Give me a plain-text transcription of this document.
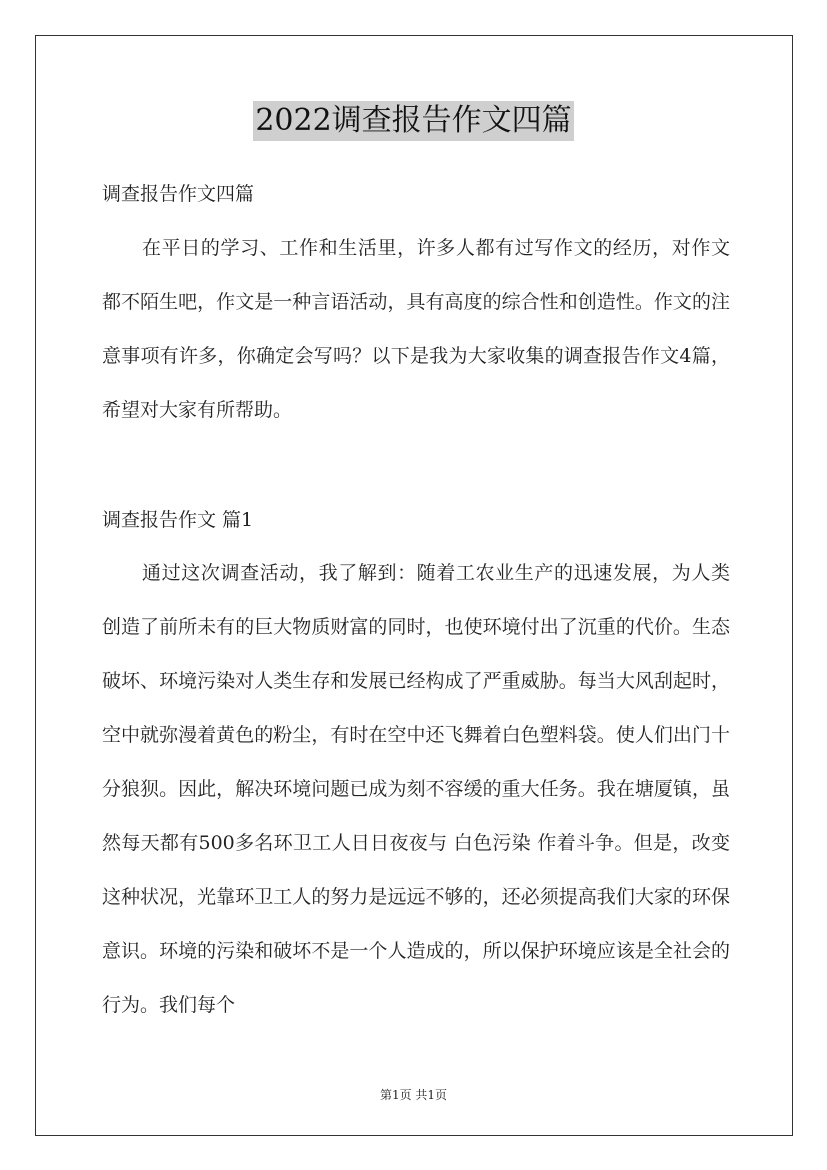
2022调查报告作文四篇
调查报告作文四篇
在平日的学习、工作和生活里，许多人都有过写作文的经历，对作文都不陌生吧，作文是一种言语活动，具有高度的综合性和创造性。作文的注意事项有许多，你确定会写吗？以下是我为大家收集的调查报告作文4篇，希望对大家有所帮助。
调查报告作文 篇1
通过这次调查活动，我了解到：随着工农业生产的迅速发展，为人类创造了前所未有的巨大物质财富的同时，也使环境付出了沉重的代价。生态破坏、环境污染对人类生存和发展已经构成了严重威胁。每当大风刮起时，空中就弥漫着黄色的粉尘，有时在空中还飞舞着白色塑料袋。使人们出门十分狼狈。因此，解决环境问题已成为刻不容缓的重大任务。我在塘厦镇，虽然每天都有500多名环卫工人日日夜夜与 白色污染 作着斗争。但是，改变这种状况，光靠环卫工人的努力是远远不够的，还必须提高我们大家的环保意识。环境的污染和破坏不是一个人造成的，所以保护环境应该是全社会的行为。我们每个
第1页 共1页
